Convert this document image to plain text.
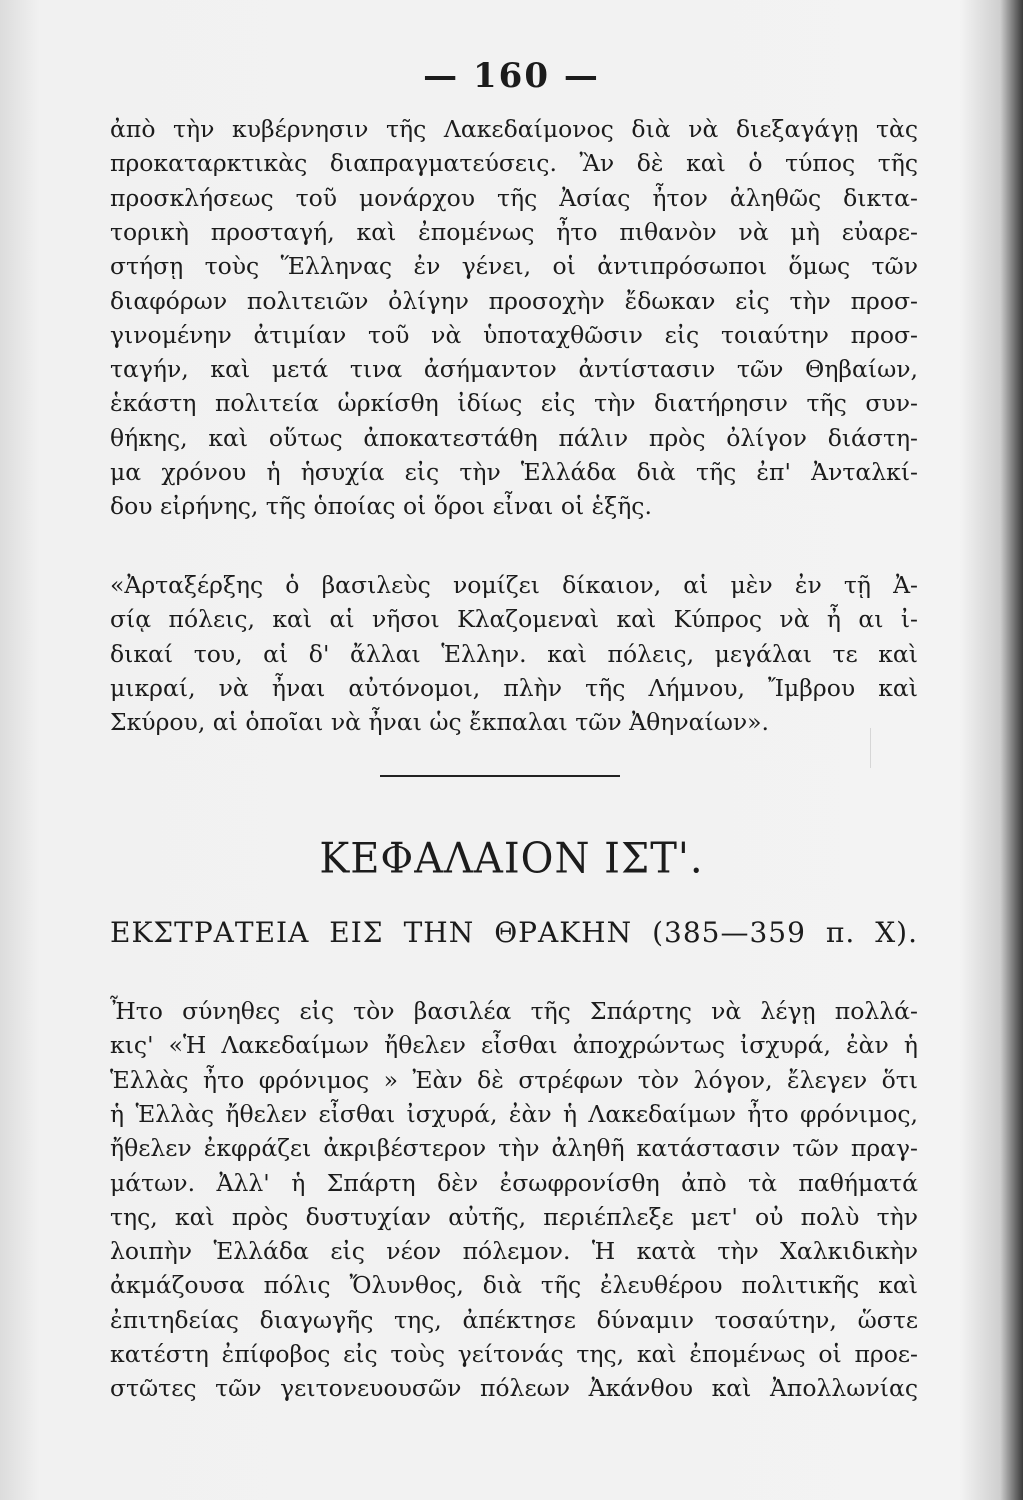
— 160 —
ἀπὸ τὴν κυβέρνησιν τῆς Λακεδαίμονος διὰ νὰ διεξαγάγῃ τὰς
προκαταρκτικὰς διαπραγματεύσεις. Ἂν δὲ καὶ ὁ τύπος τῆς
προσκλήσεως τοῦ μονάρχου τῆς Ἀσίας ἦτον ἀληθῶς δικτα-
τορικὴ προσταγή, καὶ ἐπομένως ἦτο πιθανὸν νὰ μὴ εὐαρε-
στήσῃ τοὺς Ἕλληνας ἐν γένει, οἱ ἀντιπρόσωποι ὅμως τῶν
διαφόρων πολιτειῶν ὀλίγην προσοχὴν ἔδωκαν εἰς τὴν προσ-
γινομένην ἀτιμίαν τοῦ νὰ ὑποταχθῶσιν εἰς τοιαύτην προσ-
ταγήν, καὶ μετά τινα ἀσήμαντον ἀντίστασιν τῶν Θηβαίων,
ἑκάστη πολιτεία ὡρκίσθη ἰδίως εἰς τὴν διατήρησιν τῆς συν-
θήκης, καὶ οὕτως ἀποκατεστάθη πάλιν πρὸς ὀλίγον διάστη-
μα χρόνου ἡ ἡσυχία εἰς τὴν Ἑλλάδα διὰ τῆς ἐπ' Ἀνταλκί-
δου εἰρήνης, τῆς ὁποίας οἱ ὅροι εἶναι οἱ ἑξῆς.
«Ἀρταξέρξης ὁ βασιλεὺς νομίζει δίκαιον, αἱ μὲν ἐν τῇ Ἀ-
σίᾳ πόλεις, καὶ αἱ νῆσοι Κλαζομεναὶ καὶ Κύπρος νὰ ἦ αι ἰ-
δικαί του, αἱ δ' ἄλλαι Ἑλλην. καὶ πόλεις, μεγάλαι τε καὶ
μικραί, νὰ ἦναι αὐτόνομοι, πλὴν τῆς Λήμνου, Ἴμβρου καὶ
Σκύρου, αἱ ὁποῖαι νὰ ἦναι ὡς ἔκπαλαι τῶν Ἀθηναίων».
ΚΕΦΑΛΑΙΟΝ ΙΣΤ'.
ΕΚΣΤΡΑΤΕΙΑ ΕΙΣ ΤΗΝ ΘΡΑΚΗΝ (385—359 π. Χ).
Ἦτο σύνηθες εἰς τὸν βασιλέα τῆς Σπάρτης νὰ λέγῃ πολλά-
κις' «Ἡ Λακεδαίμων ἤθελεν εἶσθαι ἀποχρώντως ἰσχυρά, ἐὰν ἡ
Ἑλλὰς ἦτο φρόνιμος » Ἐὰν δὲ στρέφων τὸν λόγον, ἔλεγεν ὅτι
ἡ Ἑλλὰς ἤθελεν εἶσθαι ἰσχυρά, ἐὰν ἡ Λακεδαίμων ἦτο φρόνιμος,
ἤθελεν ἐκφράζει ἀκριβέστερον τὴν ἀληθῆ κατάστασιν τῶν πραγ-
μάτων. Ἀλλ' ἡ Σπάρτη δὲν ἐσωφρονίσθη ἀπὸ τὰ παθήματά
της, καὶ πρὸς δυστυχίαν αὐτῆς, περιέπλεξε μετ' οὐ πολὺ τὴν
λοιπὴν Ἑλλάδα εἰς νέον πόλεμον. Ἡ κατὰ τὴν Χαλκιδικὴν
ἀκμάζουσα πόλις Ὄλυνθος, διὰ τῆς ἐλευθέρου πολιτικῆς καὶ
ἐπιτηδείας διαγωγῆς της, ἀπέκτησε δύναμιν τοσαύτην, ὥστε
κατέστη ἐπίφοβος εἰς τοὺς γείτονάς της, καὶ ἐπομένως οἱ προε-
στῶτες τῶν γειτονευουσῶν πόλεων Ἀκάνθου καὶ Ἀπολλωνίας
